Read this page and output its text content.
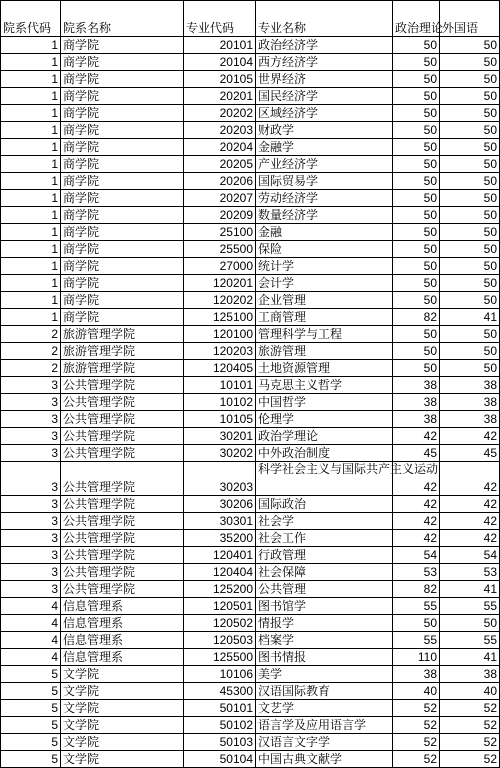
院系代码	院系名称	专业代码	专业名称	政治理论	外国语
1	商学院	20101	政治经济学	50	50
1	商学院	20104	西方经济学	50	50
1	商学院	20105	世界经济	50	50
1	商学院	20201	国民经济学	50	50
1	商学院	20202	区域经济学	50	50
1	商学院	20203	财政学	50	50
1	商学院	20204	金融学	50	50
1	商学院	20205	产业经济学	50	50
1	商学院	20206	国际贸易学	50	50
1	商学院	20207	劳动经济学	50	50
1	商学院	20209	数量经济学	50	50
1	商学院	25100	金融	50	50
1	商学院	25500	保险	50	50
1	商学院	27000	统计学	50	50
1	商学院	120201	会计学	50	50
1	商学院	120202	企业管理	50	50
1	商学院	125100	工商管理	82	41
2	旅游管理学院	120100	管理科学与工程	50	50
2	旅游管理学院	120203	旅游管理	50	50
2	旅游管理学院	120405	土地资源管理	50	50
3	公共管理学院	10101	马克思主义哲学	38	38
3	公共管理学院	10102	中国哲学	38	38
3	公共管理学院	10105	伦理学	38	38
3	公共管理学院	30201	政治学理论	42	42
3	公共管理学院	30202	中外政治制度	45	45
3	公共管理学院	30203	科学社会主义与国际共产主义运动	42	42
3	公共管理学院	30206	国际政治	42	42
3	公共管理学院	30301	社会学	42	42
3	公共管理学院	35200	社会工作	42	42
3	公共管理学院	120401	行政管理	54	54
3	公共管理学院	120404	社会保障	53	53
3	公共管理学院	125200	公共管理	82	41
4	信息管理系	120501	图书馆学	55	55
4	信息管理系	120502	情报学	50	50
4	信息管理系	120503	档案学	55	55
4	信息管理系	125500	图书情报	110	41
5	文学院	10106	美学	38	38
5	文学院	45300	汉语国际教育	40	40
5	文学院	50101	文艺学	52	52
5	文学院	50102	语言学及应用语言学	52	52
5	文学院	50103	汉语言文字学	52	52
5	文学院	50104	中国古典文献学	52	52
